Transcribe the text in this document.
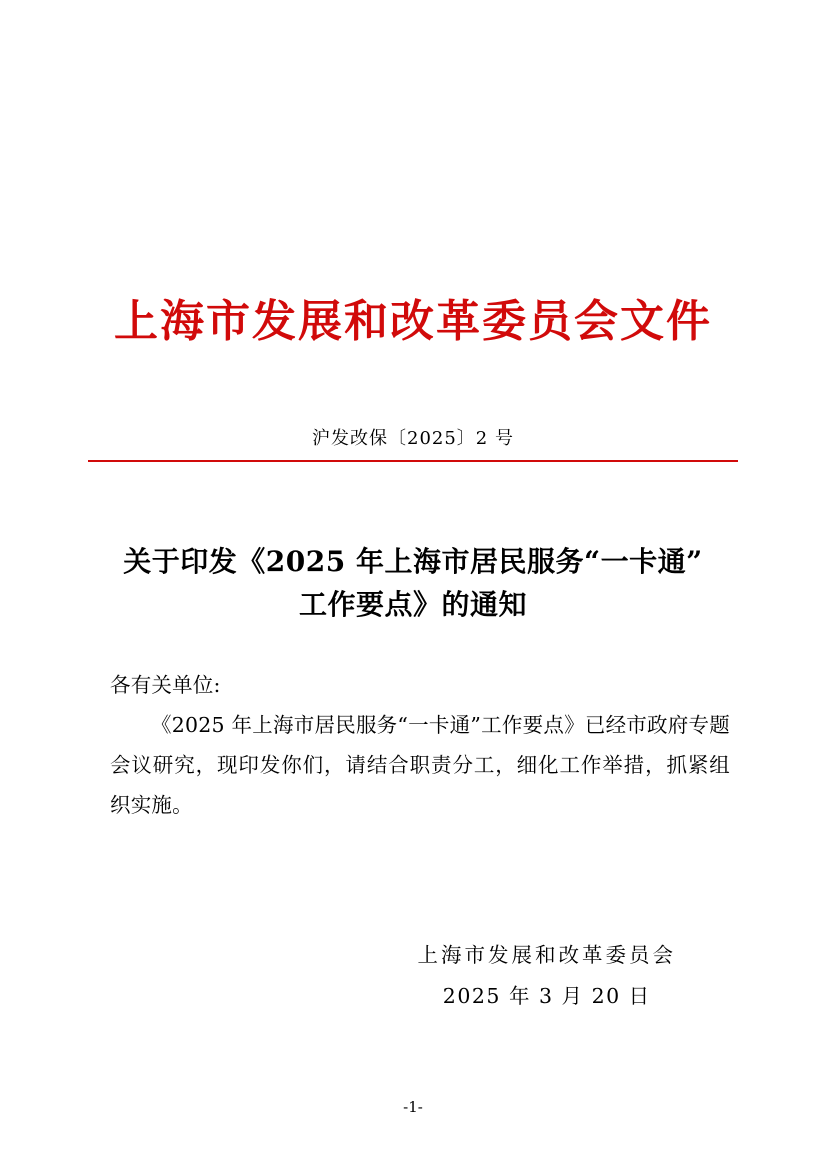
上海市发展和改革委员会文件
沪发改保〔2025〕2 号
关于印发《2025 年上海市居民服务“一卡通”
工作要点》的通知

各有关单位:

《2025 年上海市居民服务“一卡通”工作要点》已经市政府专题会议研究，现印发你们，请结合职责分工，细化工作举措，抓紧组织实施。

上海市发展和改革委员会
2025 年 3 月 20 日
-1-
